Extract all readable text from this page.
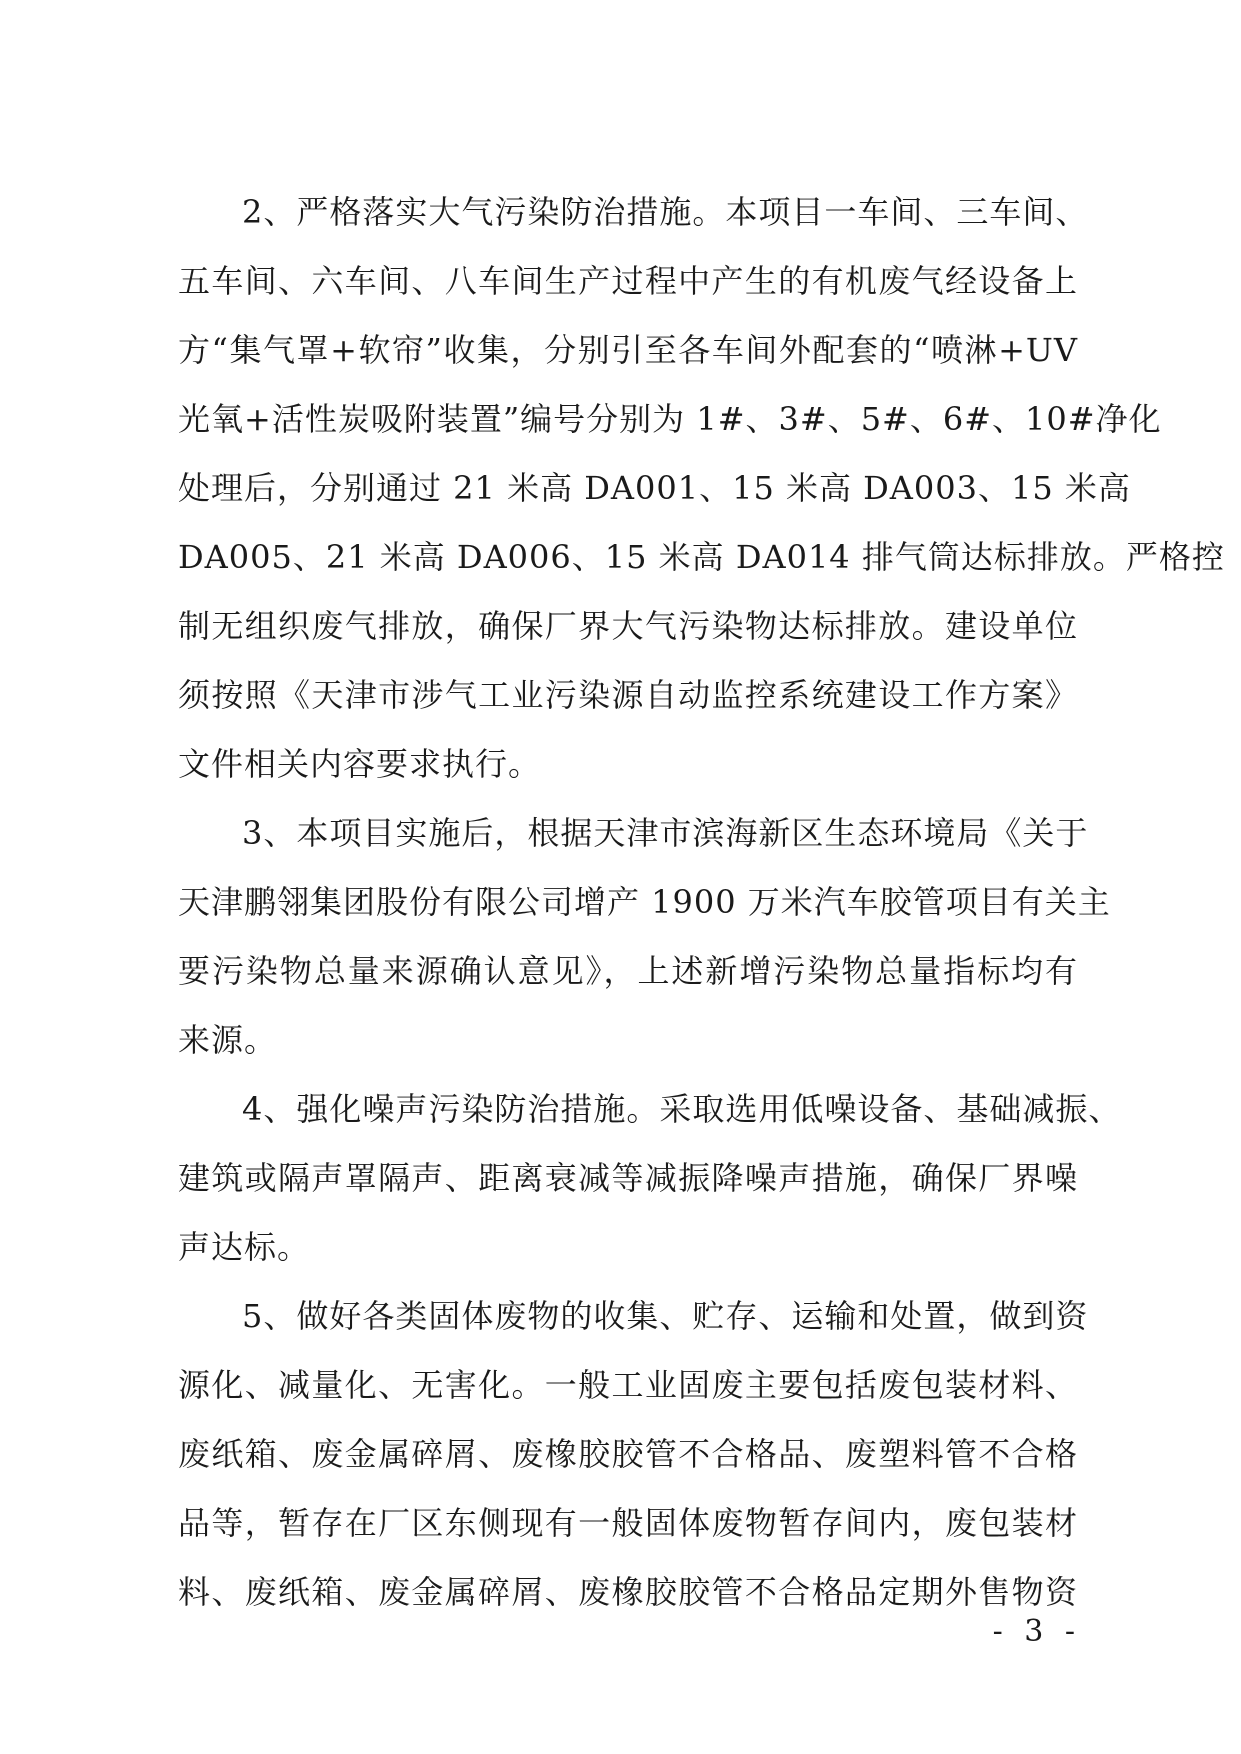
2、严格落实大气污染防治措施。本项目一车间、三车间、
五车间、六车间、八车间生产过程中产生的有机废气经设备上
方“集气罩+软帘”收集，分别引至各车间外配套的“喷淋+UV
光氧+活性炭吸附装置”编号分别为 1#、3#、5#、6#、10#净化
处理后，分别通过 21 米高 DA001、15 米高 DA003、15 米高
DA005、21 米高 DA006、15 米高 DA014 排气筒达标排放。严格控
制无组织废气排放，确保厂界大气污染物达标排放。建设单位
须按照《天津市涉气工业污染源自动监控系统建设工作方案》
文件相关内容要求执行。
3、本项目实施后，根据天津市滨海新区生态环境局《关于
天津鹏翎集团股份有限公司增产 1900 万米汽车胶管项目有关主
要污染物总量来源确认意见》，上述新增污染物总量指标均有
来源。
4、强化噪声污染防治措施。采取选用低噪设备、基础减振、
建筑或隔声罩隔声、距离衰减等减振降噪声措施，确保厂界噪
声达标。
5、做好各类固体废物的收集、贮存、运输和处置，做到资
源化、减量化、无害化。一般工业固废主要包括废包装材料、
废纸箱、废金属碎屑、废橡胶胶管不合格品、废塑料管不合格
品等，暂存在厂区东侧现有一般固体废物暂存间内，废包装材
料、废纸箱、废金属碎屑、废橡胶胶管不合格品定期外售物资
- 3 -
